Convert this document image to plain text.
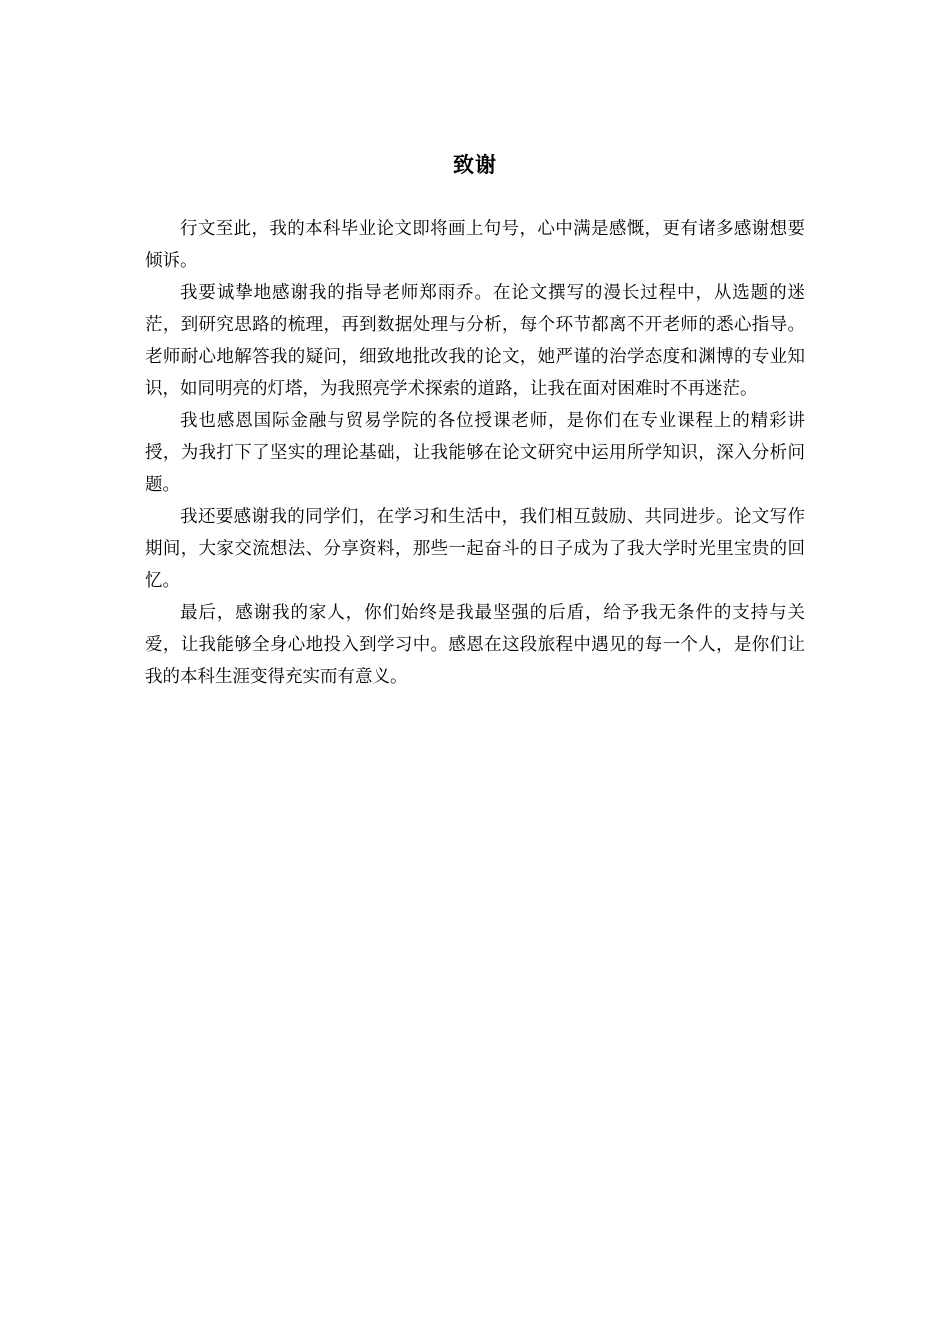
致谢

行文至此，我的本科毕业论文即将画上句号，心中满是感慨，更有诸多感谢想要倾诉。

我要诚挚地感谢我的指导老师郑雨乔。在论文撰写的漫长过程中，从选题的迷茫，到研究思路的梳理，再到数据处理与分析，每个环节都离不开老师的悉心指导。老师耐心地解答我的疑问，细致地批改我的论文，她严谨的治学态度和渊博的专业知识，如同明亮的灯塔，为我照亮学术探索的道路，让我在面对困难时不再迷茫。

我也感恩国际金融与贸易学院的各位授课老师，是你们在专业课程上的精彩讲授，为我打下了坚实的理论基础，让我能够在论文研究中运用所学知识，深入分析问题。

我还要感谢我的同学们，在学习和生活中，我们相互鼓励、共同进步。论文写作期间，大家交流想法、分享资料，那些一起奋斗的日子成为了我大学时光里宝贵的回忆。

最后，感谢我的家人，你们始终是我最坚强的后盾，给予我无条件的支持与关爱，让我能够全身心地投入到学习中。感恩在这段旅程中遇见的每一个人，是你们让我的本科生涯变得充实而有意义。
